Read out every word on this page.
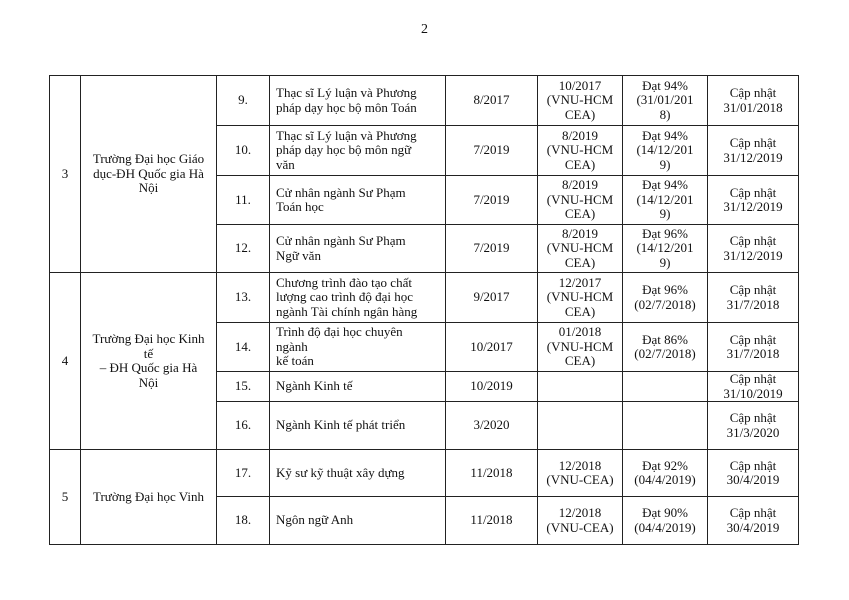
2
3	Trường Đại học Giáo dục-ĐH Quốc gia Hà Nội	9.	Thạc sĩ Lý luận và Phương
pháp dạy học bộ môn Toán	8/2017	10/2017
(VNU-HCM
CEA)	Đạt 94%
(31/01/201
8)	Cập nhật
31/01/2018

		10.	Thạc sĩ Lý luận và Phương
pháp dạy học bộ môn ngữ
văn	7/2019	8/2019
(VNU-HCM
CEA)	Đạt 94%
(14/12/201
9)	Cập nhật
31/12/2019

		11.	Cử nhân ngành Sư Phạm
Toán học	7/2019	8/2019
(VNU-HCM
CEA)	Đạt 94%
(14/12/201
9)	Cập nhật
31/12/2019

		12.	Cử nhân ngành Sư Phạm
Ngữ văn	7/2019	8/2019
(VNU-HCM
CEA)	Đạt 96%
(14/12/201
9)	Cập nhật
31/12/2019

4	Trường Đại học Kinh
tế
– ĐH Quốc gia Hà
Nội	13.	Chương trình đào tạo chất
lượng cao trình độ đại học
ngành Tài chính ngân hàng	9/2017	12/2017
(VNU-HCM
CEA)	Đạt 96%
(02/7/2018)	Cập nhật
31/7/2018

		14.	Trình độ đại học chuyên
ngành
kế toán	10/2017	01/2018
(VNU-HCM
CEA)	Đạt 86%
(02/7/2018)	Cập nhật
31/7/2018

		15.	Ngành Kinh tế	10/2019			Cập nhật
31/10/2019

		16.	Ngành Kinh tế phát triển	3/2020			Cập nhật
31/3/2020

5	Trường Đại học Vinh	17.	Kỹ sư kỹ thuật xây dựng	11/2018	12/2018
(VNU-CEA)	Đạt 92%
(04/4/2019)	Cập nhật
30/4/2019

		18.	Ngôn ngữ Anh	11/2018	12/2018
(VNU-CEA)	Đạt 90%
(04/4/2019)	Cập nhật
30/4/2019
